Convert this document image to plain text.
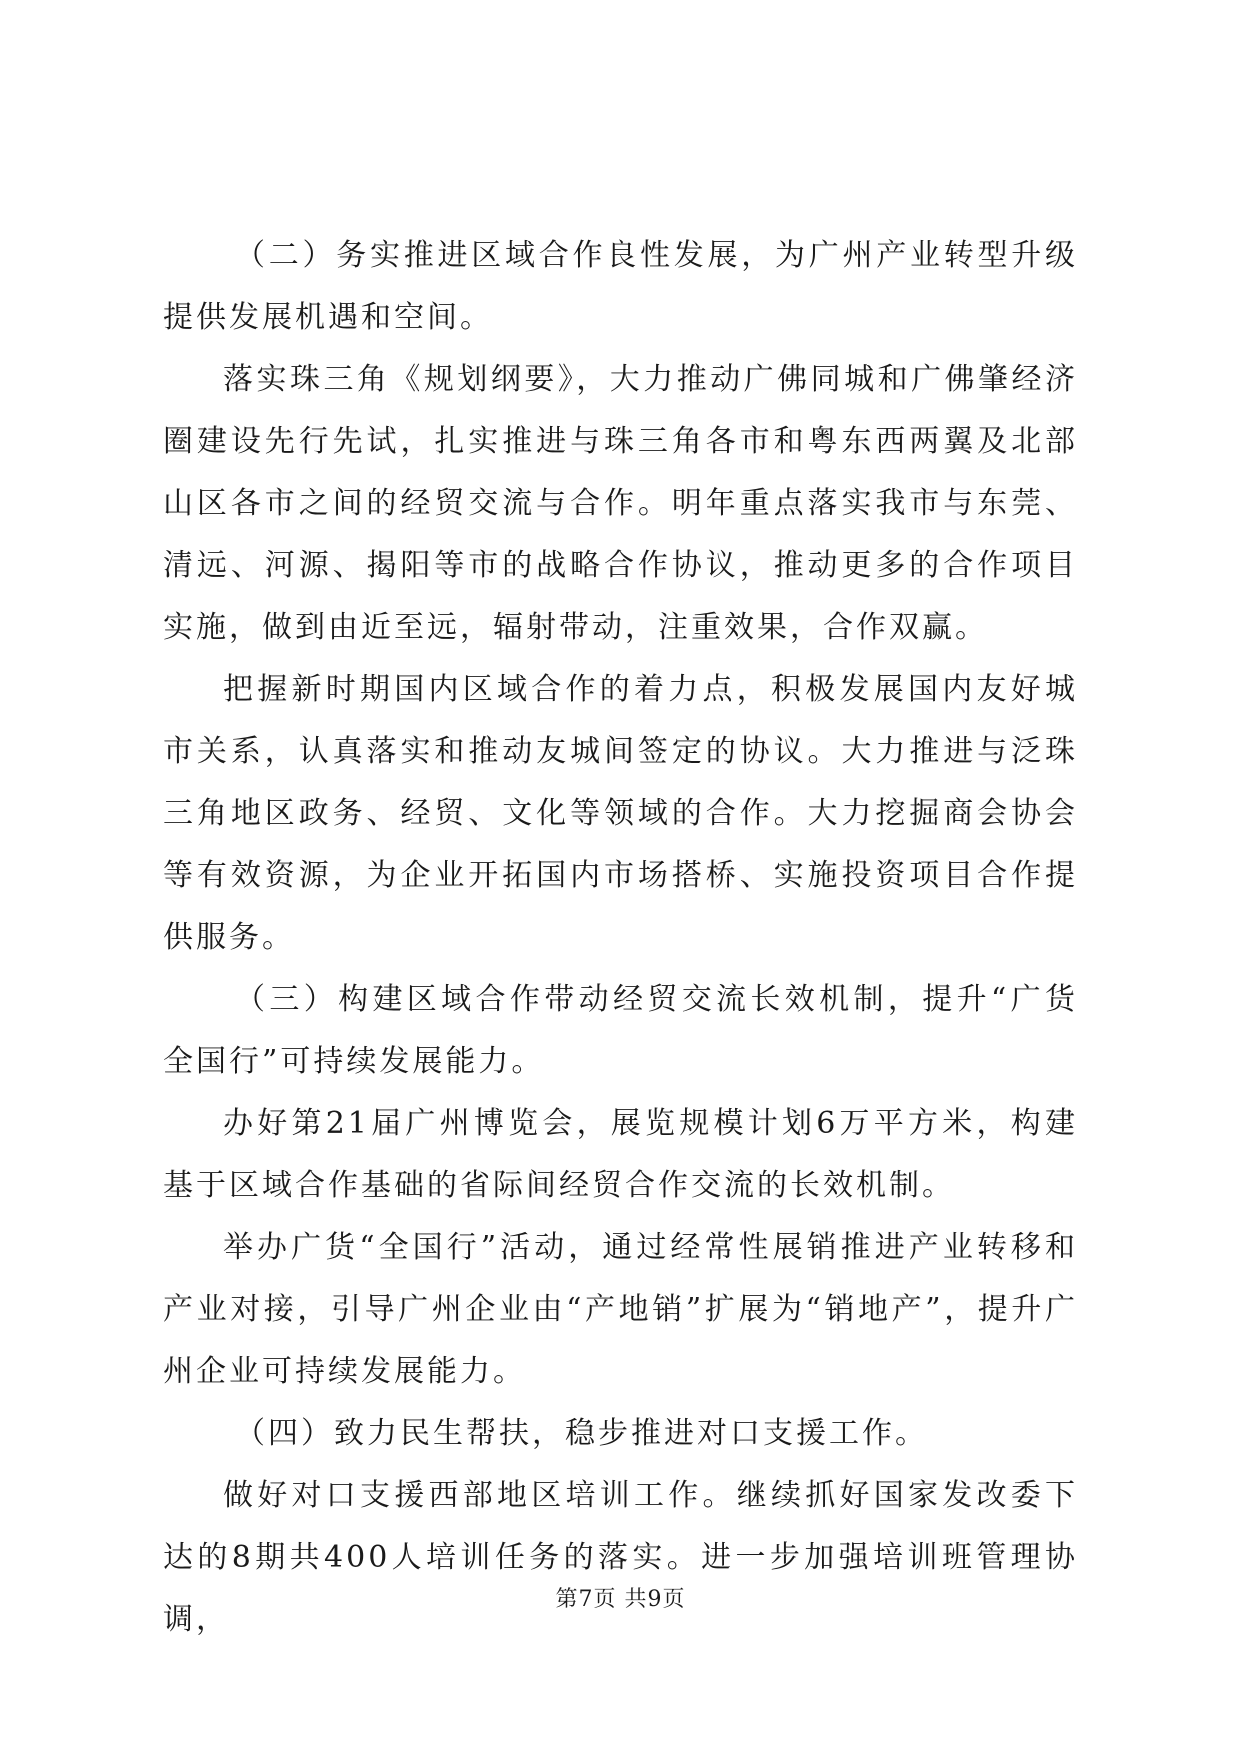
（二）务实推进区域合作良性发展，为广州产业转型升级提供发展机遇和空间。

落实珠三角《规划纲要》，大力推动广佛同城和广佛肇经济圈建设先行先试，扎实推进与珠三角各市和粤东西两翼及北部山区各市之间的经贸交流与合作。明年重点落实我市与东莞、清远、河源、揭阳等市的战略合作协议，推动更多的合作项目实施，做到由近至远，辐射带动，注重效果，合作双赢。

把握新时期国内区域合作的着力点，积极发展国内友好城市关系，认真落实和推动友城间签定的协议。大力推进与泛珠三角地区政务、经贸、文化等领域的合作。大力挖掘商会协会等有效资源，为企业开拓国内市场搭桥、实施投资项目合作提供服务。

（三）构建区域合作带动经贸交流长效机制，提升“广货全国行”可持续发展能力。

办好第21届广州博览会，展览规模计划6万平方米，构建基于区域合作基础的省际间经贸合作交流的长效机制。

举办广货“全国行”活动，通过经常性展销推进产业转移和产业对接，引导广州企业由“产地销”扩展为“销地产”，提升广州企业可持续发展能力。

（四）致力民生帮扶，稳步推进对口支援工作。

做好对口支援西部地区培训工作。继续抓好国家发改委下达的8期共400人培训任务的落实。进一步加强培训班管理协调，

第7页 共9页
